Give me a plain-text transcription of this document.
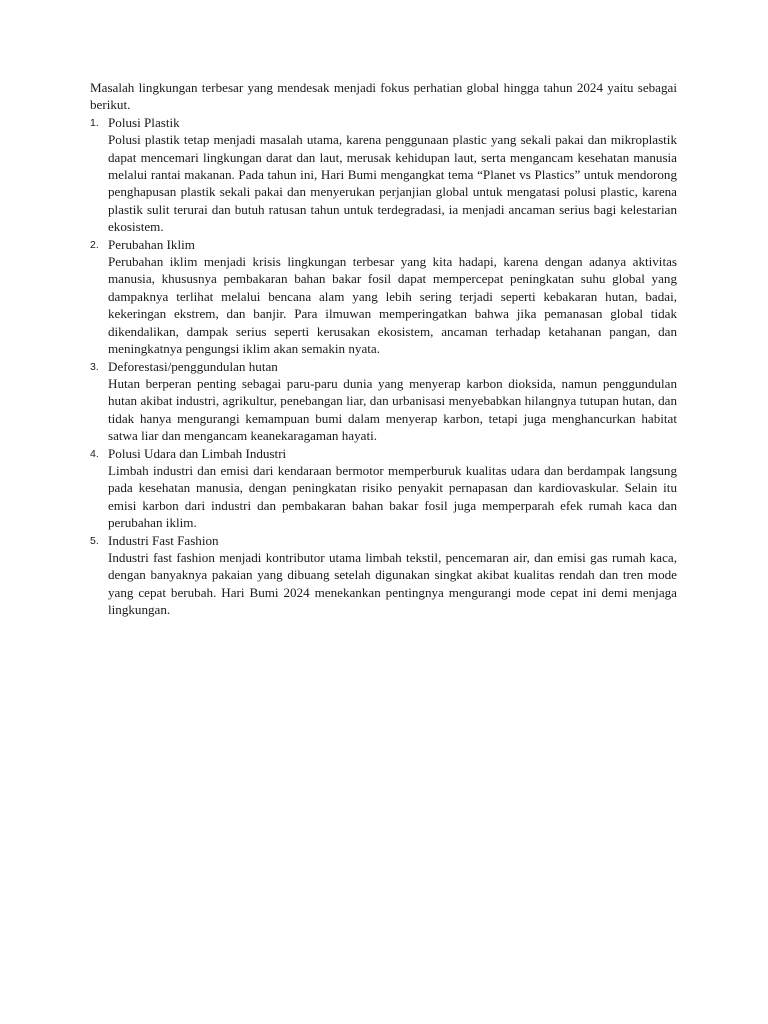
Masalah lingkungan terbesar yang mendesak menjadi fokus perhatian global hingga tahun 2024 yaitu sebagai berikut.

1. Polusi Plastik
Polusi plastik tetap menjadi masalah utama, karena penggunaan plastic yang sekali pakai dan mikroplastik dapat mencemari lingkungan darat dan laut, merusak kehidupan laut, serta mengancam kesehatan manusia melalui rantai makanan. Pada tahun ini, Hari Bumi mengangkat tema “Planet vs Plastics” untuk mendorong penghapusan plastik sekali pakai dan menyerukan perjanjian global untuk mengatasi polusi plastic, karena plastik sulit terurai dan butuh ratusan tahun untuk terdegradasi, ia menjadi ancaman serius bagi kelestarian ekosistem.
2. Perubahan Iklim
Perubahan iklim menjadi krisis lingkungan terbesar yang kita hadapi, karena dengan adanya aktivitas manusia, khususnya pembakaran bahan bakar fosil dapat mempercepat peningkatan suhu global yang dampaknya terlihat melalui bencana alam yang lebih sering terjadi seperti kebakaran hutan, badai, kekeringan ekstrem, dan banjir. Para ilmuwan memperingatkan bahwa jika pemanasan global tidak dikendalikan, dampak serius seperti kerusakan ekosistem, ancaman terhadap ketahanan pangan, dan meningkatnya pengungsi iklim akan semakin nyata.
3. Deforestasi/penggundulan hutan
Hutan berperan penting sebagai paru-paru dunia yang menyerap karbon dioksida, namun penggundulan hutan akibat industri, agrikultur, penebangan liar, dan urbanisasi menyebabkan hilangnya tutupan hutan, dan tidak hanya mengurangi kemampuan bumi dalam menyerap karbon, tetapi juga menghancurkan habitat satwa liar dan mengancam keanekaragaman hayati.
4. Polusi Udara dan Limbah Industri
Limbah industri dan emisi dari kendaraan bermotor memperburuk kualitas udara dan berdampak langsung pada kesehatan manusia, dengan peningkatan risiko penyakit pernapasan dan kardiovaskular. Selain itu emisi karbon dari industri dan pembakaran bahan bakar fosil juga memperparah efek rumah kaca dan perubahan iklim.
5. Industri Fast Fashion
Industri fast fashion menjadi kontributor utama limbah tekstil, pencemaran air, dan emisi gas rumah kaca, dengan banyaknya pakaian yang dibuang setelah digunakan singkat akibat kualitas rendah dan tren mode yang cepat berubah. Hari Bumi 2024 menekankan pentingnya mengurangi mode cepat ini demi menjaga lingkungan.
